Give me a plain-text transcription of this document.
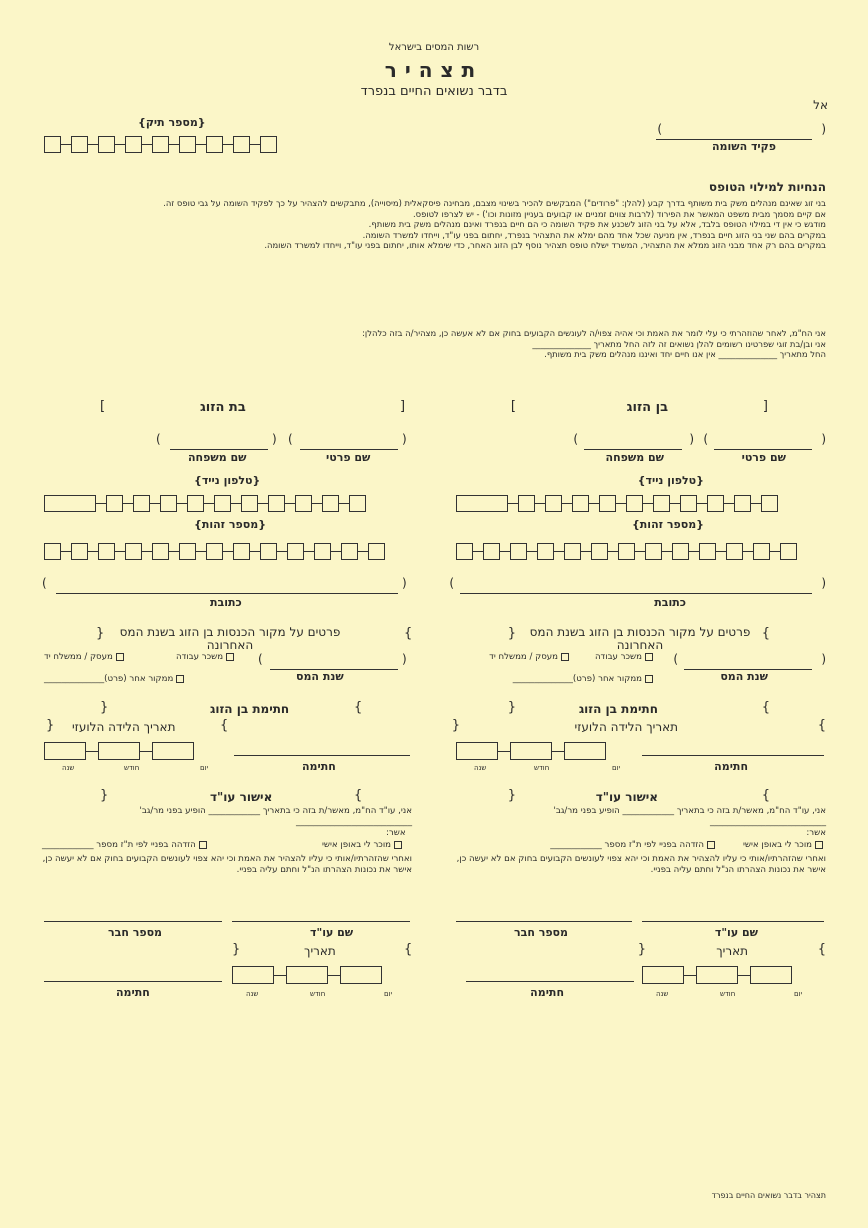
רשות המסים בישראל
תצהיר
בדבר נשואים החיים בנפרד
אל
(
)
פקיד השומה
{מספר תיק}
הנחיות למילוי הטופס

בני זוג שאינם מנהלים משק בית משותף בדרך קבע (להלן: "פרודים") המבקשים להכיר בשינוי מצבם, מבחינה פיסקאלית (מיסוייה), מתבקשים להצהיר על כך לפקיד השומה על גבי טופס זה.

אם קיים מסמך מבית משפט המאשר את הפירוד (לרבות צווים זמניים או קבועים בעניין מזונות וכו') - יש לצרפו לטופס.

מודגש כי אין די במילוי הטופס בלבד, אלא על בני הזוג לשכנע את פקיד השומה כי הם חיים בנפרד ואינם מנהלים משק בית משותף.

במקרים בהם שני בני הזוג חיים בנפרד, אין מניעה שכל אחד מהם ימלא את התצהיר בנפרד, יחתום בפני עו"ד, וייחדו למשרד השומה.

במקרים בהם רק אחד מבני הזוג ממלא את התצהיר, המשרד ישלח טופס תצהיר נוסף לבן הזוג האחר, כדי שימלא אותו, יחתום בפני עו"ד, וייחדו למשרד השומה.

אני הח"מ, לאחר שהוזהרתי כי עלי לומר את האמת וכי אהיה צפוי/ה לעונשים הקבועים בחוק אם לא אעשה כן, מצהיר/ה בזה כלהלן:

אני ובן/בת זוגי שפרטינו רשומים להלן נשואים זה לזה החל מתאריך ______________

החל מתאריך ______________ אין אנו חיים יחד ואיננו מנהלים משק בית משותף.

[
בן הזוג
]
(
)
(
)
שם פרטי
שם משפחה
{טלפון נייד}
{מספר זהות}
(
)
כתובת
}
פרטים על מקור הכנסות בן הזוג בשנת המס האחרונה
{
(
)
שנת המס
משכר עבודה
מעסק / ממשלח יד
ממקור אחר (פרט)______________
}
חתימת בן הזוג
{
}
תאריך הלידה הלועזי
{
חתימה
שנה	חודש	יום
}
אישור עו"ד
{
אני, עו"ד הח"מ, מאשר/ת בזה כי בתאריך ____________ הופיע בפני מר/גב' ___________________________
אשר:
מוכר לי באופן אישי
הזדהה בפניי לפי ת"ז מספר ____________
ואחרי שהזהרתיו/אותי כי עליו להצהיר את האמת וכי יהא צפוי לעונשים הקבועים בחוק אם לא יעשה כן, אישר את נכונות הצהרתו הנ"ל וחתם עליה בפניי.
שם עו"ד
מספר חבר
}
תאריך
{
שנה	חודש	יום
חתימה
[
בת הזוג
]
(
)
(
)
שם פרטי
שם משפחה
{טלפון נייד}
{מספר זהות}
(
)
כתובת
}
פרטים על מקור הכנסות בן הזוג בשנת המס האחרונה
{
(
)
שנת המס
משכר עבודה
מעסק / ממשלח יד
ממקור אחר (פרט)______________
}
חתימת בן הזוג
{
}
תאריך הלידה הלועזי
{
חתימה
שנה	חודש	יום
}
אישור עו"ד
{
אני, עו"ד הח"מ, מאשר/ת בזה כי בתאריך ____________ הופיע בפני מר/גב' ___________________________
אשר:
מוכר לי באופן אישי
הזדהה בפניי לפי ת"ז מספר ____________
ואחרי שהזהרתיו/אותי כי עליו להצהיר את האמת וכי יהא צפוי לעונשים הקבועים בחוק אם לא יעשה כן, אישר את נכונות הצהרתו הנ"ל וחתם עליה בפניי.
שם עו"ד
מספר חבר
}
תאריך
{
שנה	חודש	יום
חתימה
תצהיר בדבר נשואים החיים בנפרד
